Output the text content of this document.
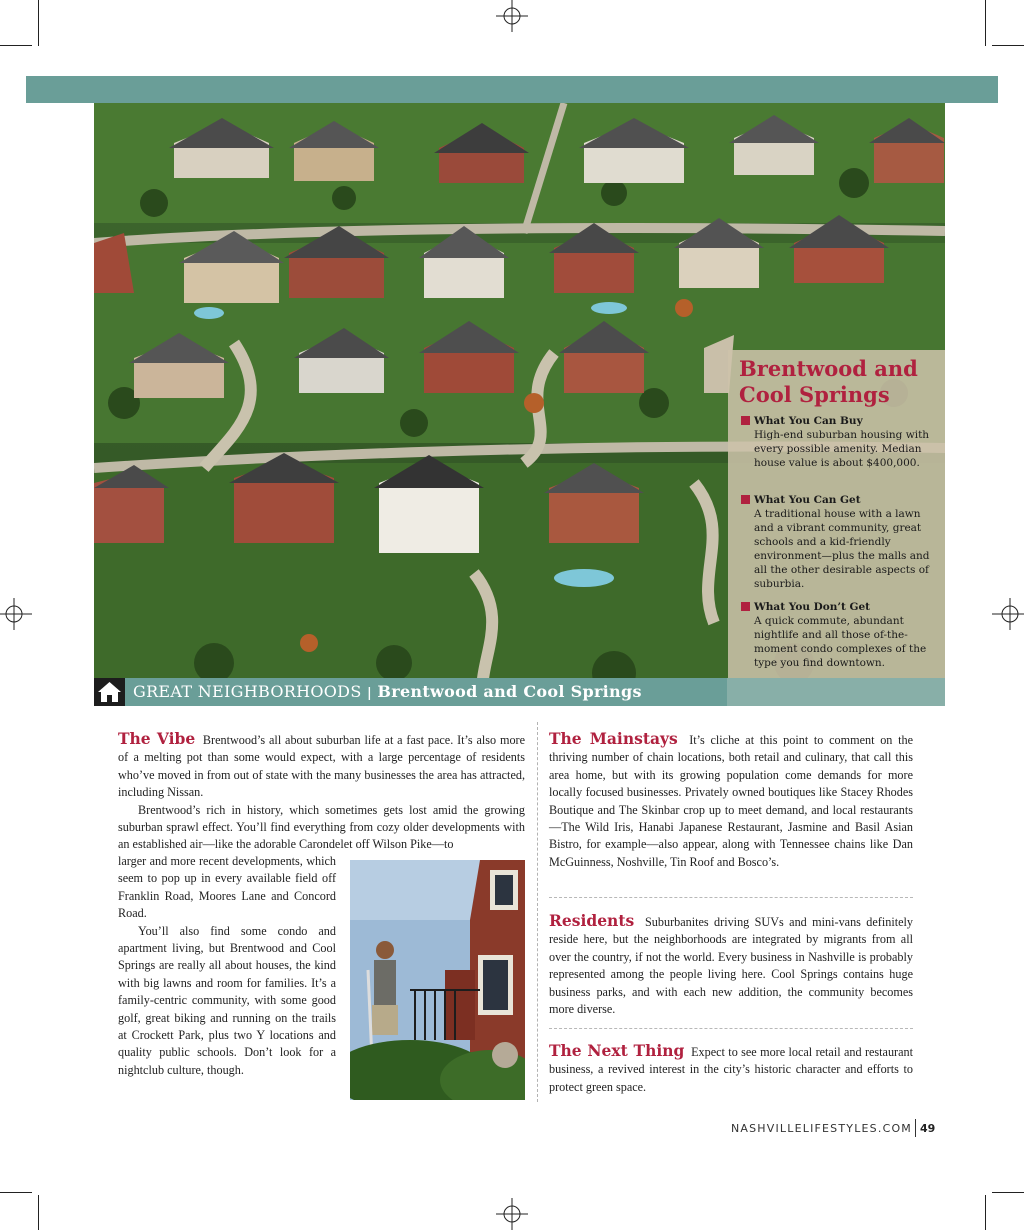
Brentwood and Cool Springs
What You Can Buy
High-end suburban housing with every possible amenity. Median house value is about $400,000.
What You Can Get
A traditional house with a lawn and a vibrant community, great schools and a kid-friendly environment—plus the malls and all the other desirable aspects of suburbia.
What You Don’t Get
A quick commute, abundant nightlife and all those of-the-moment condo complexes of the type you find downtown.
GREAT NEIGHBORHOODS | Brentwood and Cool Springs

The Vibe Brentwood’s all about suburban life at a fast pace. It’s also more of a melting pot than some would expect, with a large percentage of residents who’ve moved in from out of state with the many businesses the area has attracted, including Nissan.

Brentwood’s rich in history, which sometimes gets lost amid the growing suburban sprawl effect. You’ll find everything from cozy older developments with an established air—like the adorable Carondelet off Wilson Pike—to

larger and more recent developments, which seem to pop up in every available field off Franklin Road, Moores Lane and Concord Road.

You’ll also find some condo and apartment living, but Brentwood and Cool Springs are really all about houses, the kind with big lawns and room for families. It’s a family-centric community, with some good golf, great biking and running on the trails at Crockett Park, plus two Y locations and quality public schools. Don’t look for a nightclub culture, though.

The Mainstays It’s cliche at this point to comment on the thriving number of chain locations, both retail and culinary, that call this area home, but with its growing population come demands for more locally focused businesses. Privately owned boutiques like Stacey Rhodes Boutique and The Skinbar crop up to meet demand, and local restaurants—The Wild Iris, Hanabi Japanese Restaurant, Jasmine and Basil Asian Bistro, for example—also appear, along with Tennessee chains like Dan McGuinness, Noshville, Tin Roof and Bosco’s.

Residents Suburbanites driving SUVs and mini-vans definitely reside here, but the neighborhoods are integrated by migrants from all over the country, if not the world. Every business in Nashville is probably represented among the people living here. Cool Springs contains huge business parks, and with each new addition, the community becomes more diverse.

The Next Thing Expect to see more local retail and restaurant business, a revived interest in the city’s historic character and efforts to protect green space.

NASHVILLELIFESTYLES.COM 49
